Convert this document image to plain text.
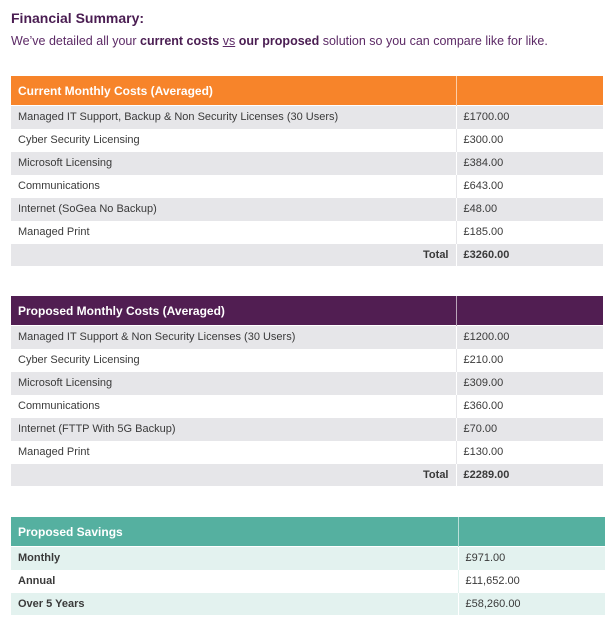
Financial Summary:

We’ve detailed all your current costs vs our proposed solution so you can compare like for like.

Current Monthly Costs (Averaged)	
Managed IT Support, Backup & Non Security Licenses (30 Users)	£1700.00
Cyber Security Licensing	£300.00
Microsoft Licensing	£384.00
Communications	£643.00
Internet (SoGea No Backup)	£48.00
Managed Print	£185.00
Total	£3260.00
Proposed Monthly Costs (Averaged)	
Managed IT Support & Non Security Licenses (30 Users)	£1200.00
Cyber Security Licensing	£210.00
Microsoft Licensing	£309.00
Communications	£360.00
Internet (FTTP With 5G Backup)	£70.00
Managed Print	£130.00
Total	£2289.00
Proposed Savings	
Monthly	£971.00
Annual	£11,652.00
Over 5 Years	£58,260.00
